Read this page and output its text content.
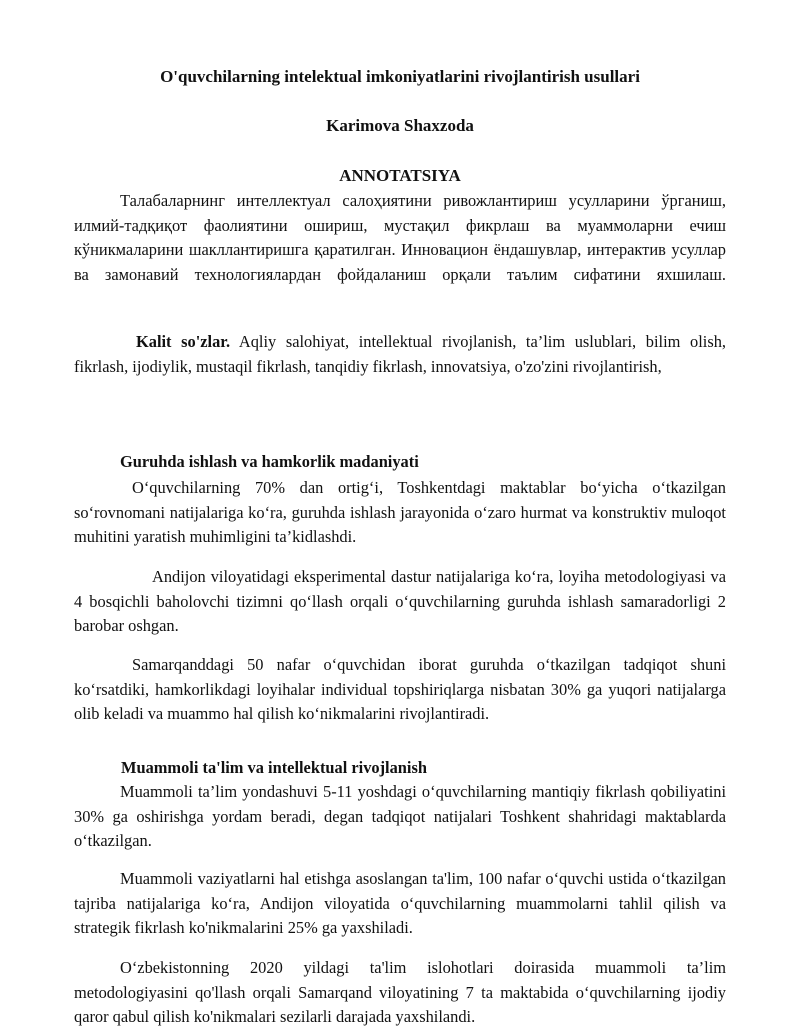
O'quvchilarning intelektual imkoniyatlarini rivojlantirish usullari
Karimova Shaxzoda
ANNOTATSIYA

Талабаларнинг интеллектуал салоҳиятини ривожлантириш усулларини ўрганиш, илмий-тадқиқот фаолиятини ошириш, мустақил фикрлаш ва муаммоларни ечиш кўникмаларини шакллантиришга қаратилган. Инновацион ёндашувлар, интерактив усуллар ва замонавий технологиялардан фойдаланиш орқали таълим сифатини яхшилаш.

Kalit so'zlar. Aqliy salohiyat, intellektual rivojlanish, ta’lim uslublari, bilim olish, fikrlash, ijodiylik, mustaqil fikrlash, tanqidiy fikrlash, innovatsiya, o'zo'zini rivojlantirish,

Guruhda ishlash va hamkorlik madaniyati

O‘quvchilarning 70% dan ortig‘i, Toshkentdagi maktablar bo‘yicha o‘tkazilgan so‘rovnomani natijalariga ko‘ra, guruhda ishlash jarayonida o‘zaro hurmat va konstruktiv muloqot muhitini yaratish muhimligini ta’kidlashdi.

Andijon viloyatidagi eksperimental dastur natijalariga ko‘ra, loyiha metodologiyasi va 4 bosqichli baholovchi tizimni qo‘llash orqali o‘quvchilarning guruhda ishlash samaradorligi 2 barobar oshgan.

Samarqanddagi 50 nafar o‘quvchidan iborat guruhda o‘tkazilgan tadqiqot shuni ko‘rsatdiki, hamkorlikdagi loyihalar individual topshiriqlarga nisbatan 30% ga yuqori natijalarga olib keladi va muammo hal qilish ko‘nikmalarini rivojlantiradi.

Muammoli ta'lim va intellektual rivojlanish

Muammoli ta’lim yondashuvi 5-11 yoshdagi o‘quvchilarning mantiqiy fikrlash qobiliyatini 30% ga oshirishga yordam beradi, degan tadqiqot natijalari Toshkent shahridagi maktablarda o‘tkazilgan.

Muammoli vaziyatlarni hal etishga asoslangan ta'lim, 100 nafar o‘quvchi ustida o‘tkazilgan tajriba natijalariga ko‘ra, Andijon viloyatida o‘quvchilarning muammolarni tahlil qilish va strategik fikrlash ko'nikmalarini 25% ga yaxshiladi.

O‘zbekistonning 2020 yildagi ta'lim islohotlari doirasida muammoli ta’lim metodologiyasini qo'llash orqali Samarqand viloyatining 7 ta maktabida o‘quvchilarning ijodiy qaror qabul qilish ko'nikmalari sezilarli darajada yaxshilandi.
